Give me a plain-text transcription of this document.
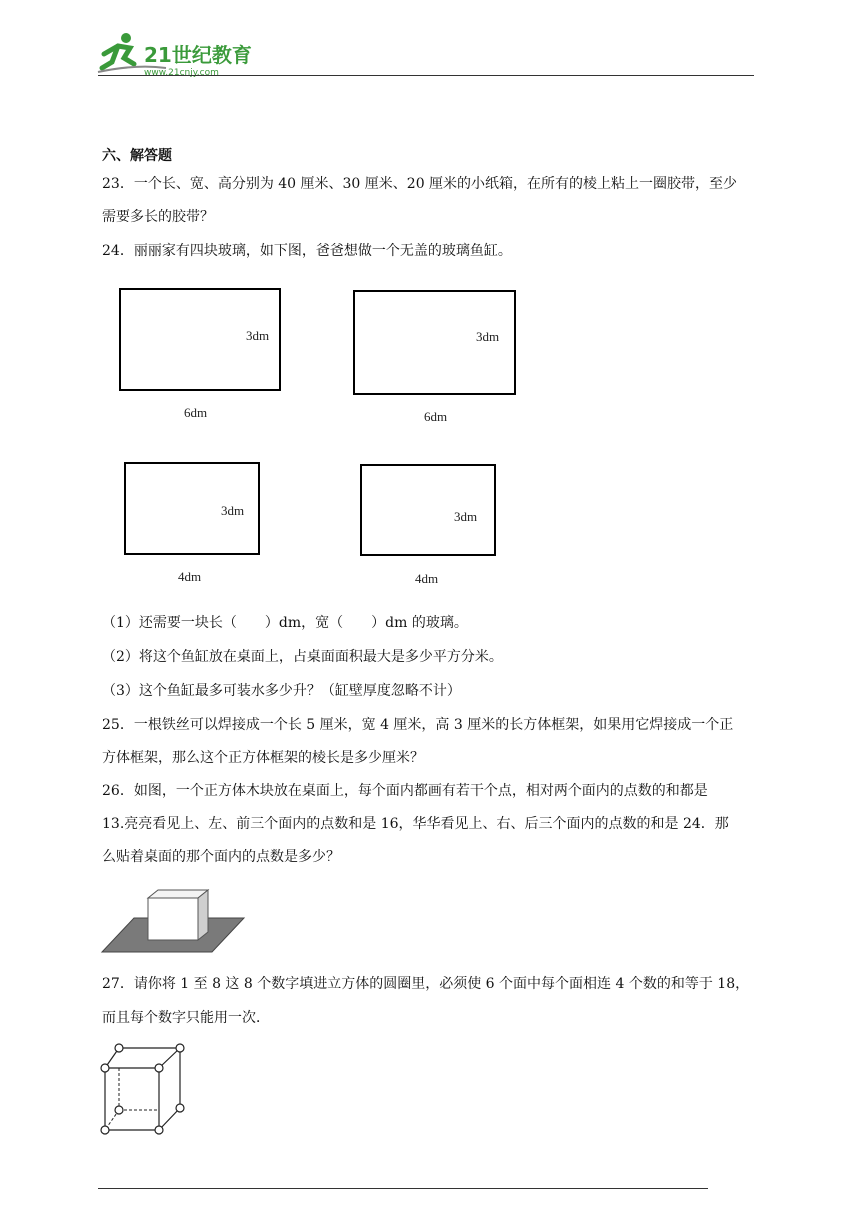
21世纪教育
www.21cnjy.com
六、解答题
23．一个长、宽、高分别为 40 厘米、30 厘米、20 厘米的小纸箱，在所有的棱上粘上一圈胶带，至少
需要多长的胶带？
24．丽丽家有四块玻璃，如下图，爸爸想做一个无盖的玻璃鱼缸。
3dm
6dm
3dm
6dm
3dm
4dm
3dm
4dm
（1）还需要一块长（　　）dm，宽（　　）dm 的玻璃。
（2）将这个鱼缸放在桌面上，占桌面面积最大是多少平方分米。
（3）这个鱼缸最多可装水多少升？（缸壁厚度忽略不计）
25．一根铁丝可以焊接成一个长 5 厘米，宽 4 厘米，高 3 厘米的长方体框架，如果用它焊接成一个正
方体框架，那么这个正方体框架的棱长是多少厘米？
26．如图，一个正方体木块放在桌面上，每个面内都画有若干个点，相对两个面内的点数的和都是
13.亮亮看见上、左、前三个面内的点数和是 16，华华看见上、右、后三个面内的点数的和是 24．那
么贴着桌面的那个面内的点数是多少？
27．请你将 1 至 8 这 8 个数字填进立方体的圆圈里，必须使 6 个面中每个面相连 4 个数的和等于 18，
而且每个数字只能用一次．
